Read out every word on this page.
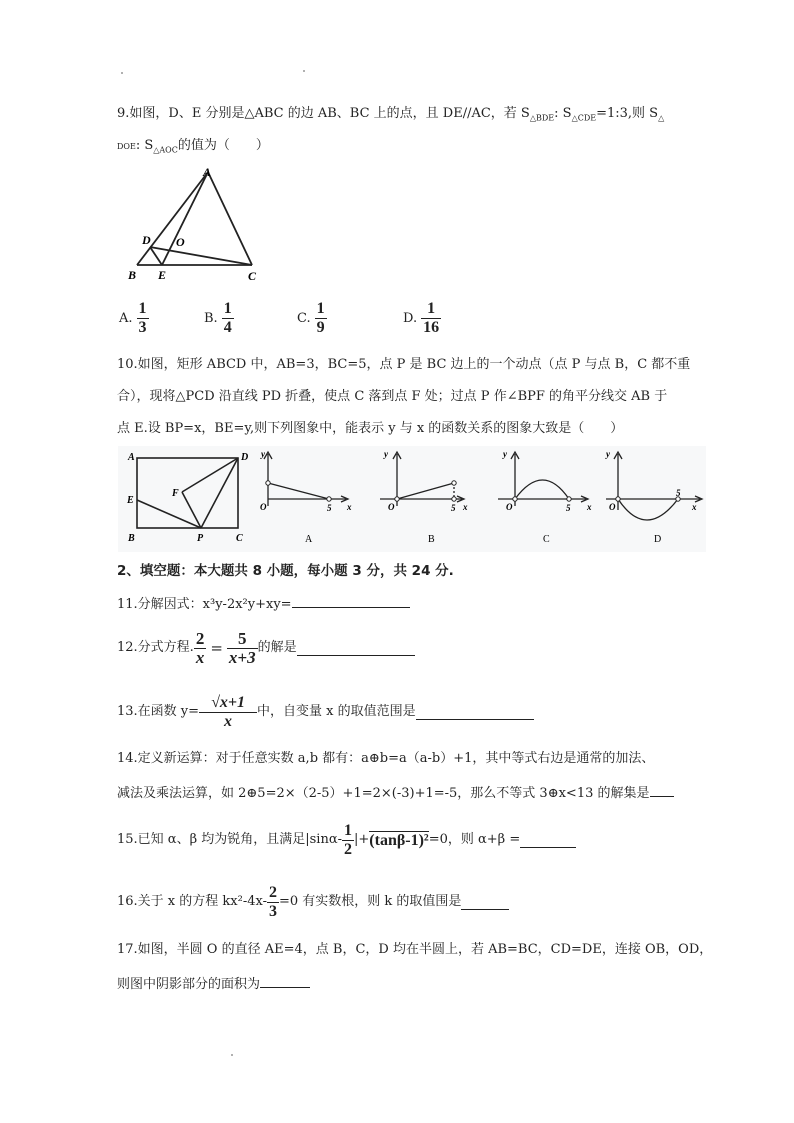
9.如图，D、E 分别是△ABC 的边 AB、BC 上的点，且 DE//AC，若 $S_{\triangle BDE}$: $S_{\triangle CDE}=1:3$,则 $S_\triangle$
DOE: $S_{\triangle AOC}$的值为（　　）
A
B	C
D
E
O
A. $\frac{1}{3}$	B. $\frac{1}{4}$	C. $\frac{1}{9}$	D. $\frac{1}{16}$
10.如图，矩形 ABCD 中，AB=3，BC=5，点 P 是 BC 边上的一个动点（点 P 与点 B，C 都不重
合），现将△PCD 沿直线 PD 折叠，使点 C 落到点 F 处；过点 P 作∠BPF 的角平分线交 AB 于
点 E.设 BP=x，BE=y,则下列图象中，能表示 y 与 x 的函数关系的图象大致是（　　）
A
B	C
D
E
F
P
y
x
O	5
A
y
x
O	5
B
y
x
O	5
C
y
x
O
5
D
2、填空题：本大题共 8 小题，每小题 3 分，共 24 分.
11.分解因式：x³y-2x²y+xy=
12.分式方程. $\frac{2}{x} = \frac{5}{x+3}$ 的解是
13.在函数 $y= \frac{√x+1}{x}$ 中，自变量 x 的取值范围是
14.定义新运算：对于任意实数 a,b 都有：a⊕b=a（a-b）+1，其中等式右边是通常的加法、
减法及乘法运算，如 2⊕5=2×（2-5）+1=2×(-3)+1=-5，那么不等式 3⊕x<13 的解集是
15.已知 α、β 均为锐角，且满足$|\sin\alpha- \frac{1}{2}$ |+ (tanβ-1)² =0，则 α+β =
16.关于 x 的方程 $kx^2-4x- \frac{2}{3} =0$ 有实数根，则 k 的取值围是
17.如图，半圆 O 的直径 AE=4，点 B，C，D 均在半圆上，若 AB=BC，CD=DE，连接 OB，OD，
则图中阴影部分的面积为
